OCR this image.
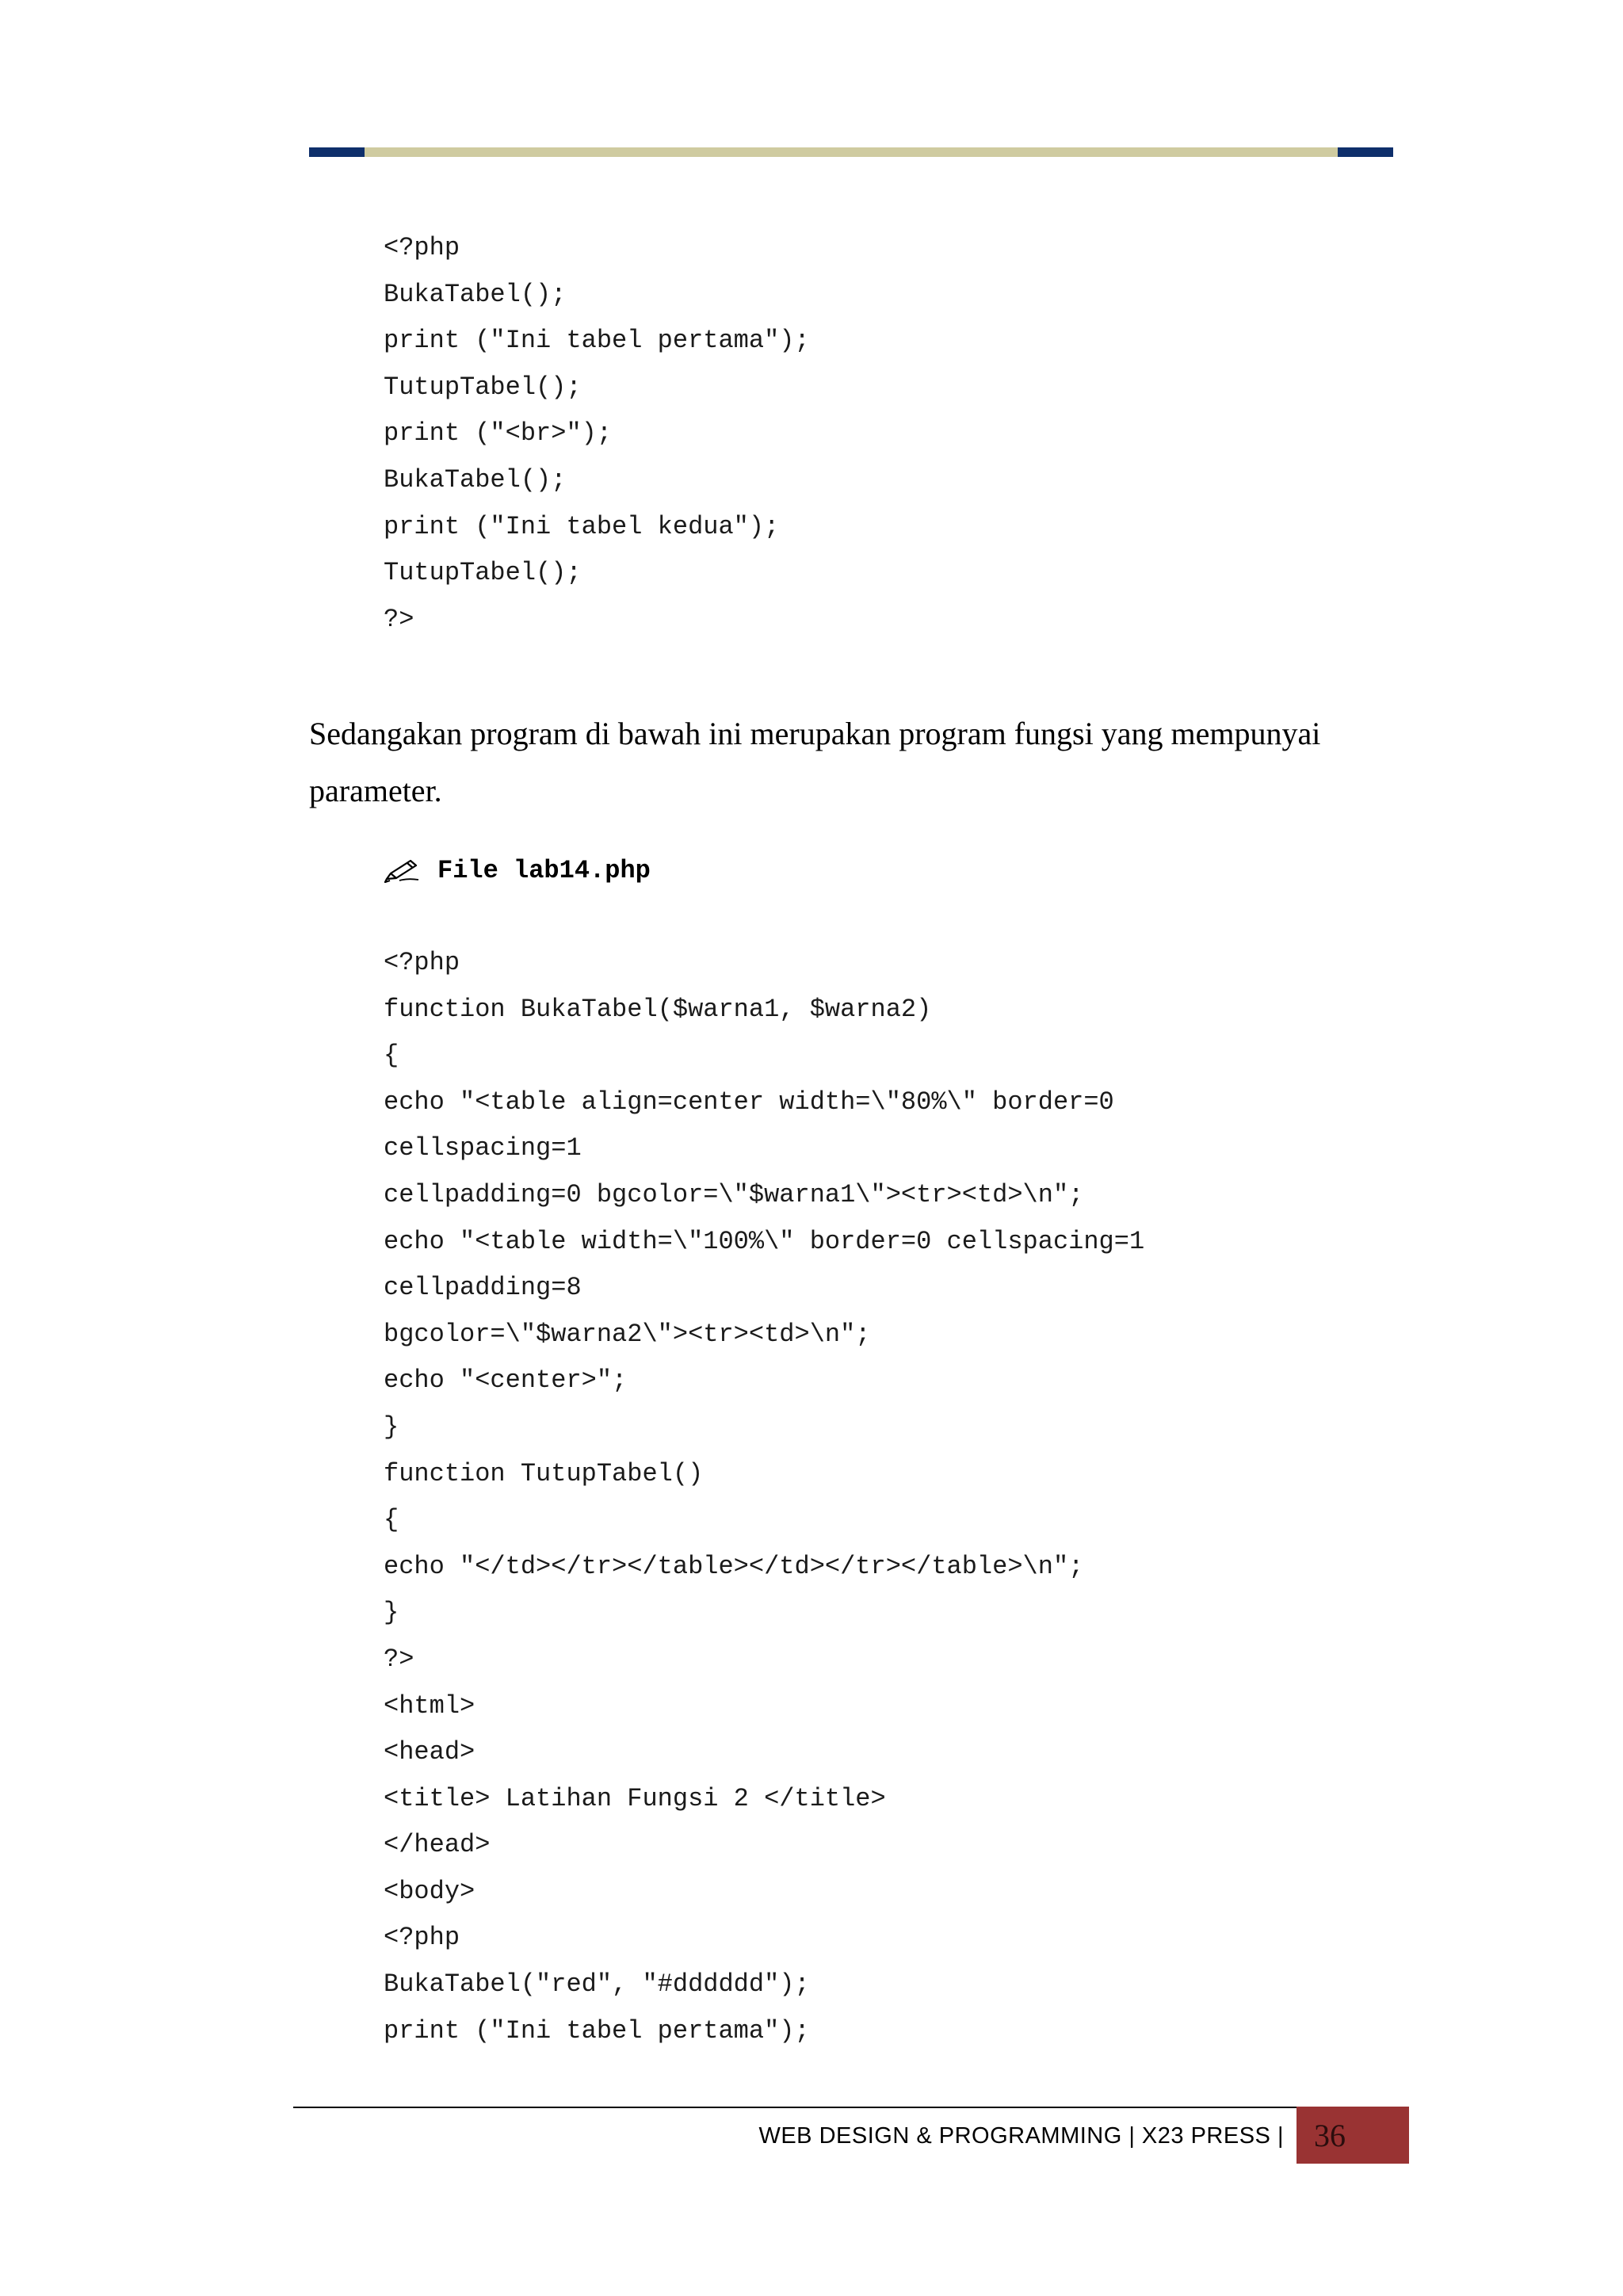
<?php
BukaTabel();
print ("Ini tabel pertama");
TutupTabel();
print ("<br>");
BukaTabel();
print ("Ini tabel kedua");
TutupTabel();
?>

Sedangakan program di bawah ini merupakan program fungsi yang mempunyai parameter.

File lab14.php
<?php
function BukaTabel($warna1, $warna2)
{
echo "<table align=center width=\"80%\" border=0
cellspacing=1
cellpadding=0 bgcolor=\"$warna1\"><tr><td>\n";
echo "<table width=\"100%\" border=0 cellspacing=1
cellpadding=8
bgcolor=\"$warna2\"><tr><td>\n";
echo "<center>";
}
function TutupTabel()
{
echo "</td></tr></table></td></tr></table>\n";
}
?>
<html>
<head>
<title> Latihan Fungsi 2 </title>
</head>
<body>
<?php
BukaTabel("red", "#dddddd");
print ("Ini tabel pertama");
WEB DESIGN & PROGRAMMING | X23 PRESS | 36
